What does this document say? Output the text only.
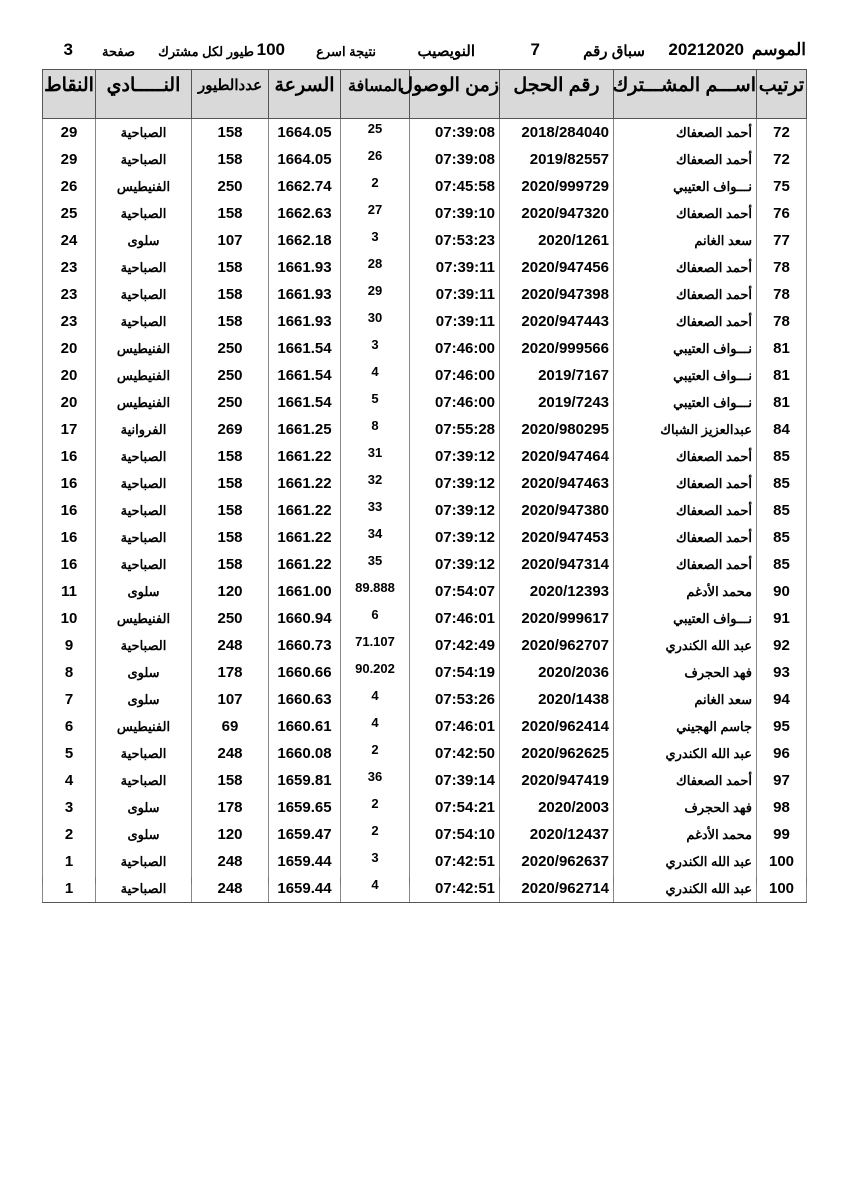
الموسم
20212020
سباق رقم
7
النويصيب
نتيجة اسرع
100
طيور لكل مشترك
صفحة
3
ترتيب	اســـم المشـــترك	رقم الحجل	زمن الوصول	المسافة	السرعة	عددالطيور	النـــــادي	النقاط
72	أحمد الصعفاك	2018/284040	07:39:08	25	1664.05	158	الصباحية	29
72	أحمد الصعفاك	2019/82557	07:39:08	26	1664.05	158	الصباحية	29
75	نـــواف العتيبي	2020/999729	07:45:58	2	1662.74	250	الفنيطيس	26
76	أحمد الصعفاك	2020/947320	07:39:10	27	1662.63	158	الصباحية	25
77	سعد الغانم	2020/1261	07:53:23	3	1662.18	107	سلوى	24
78	أحمد الصعفاك	2020/947456	07:39:11	28	1661.93	158	الصباحية	23
78	أحمد الصعفاك	2020/947398	07:39:11	29	1661.93	158	الصباحية	23
78	أحمد الصعفاك	2020/947443	07:39:11	30	1661.93	158	الصباحية	23
81	نـــواف العتيبي	2020/999566	07:46:00	3	1661.54	250	الفنيطيس	20
81	نـــواف العتيبي	2019/7167	07:46:00	4	1661.54	250	الفنيطيس	20
81	نـــواف العتيبي	2019/7243	07:46:00	5	1661.54	250	الفنيطيس	20
84	عبدالعزيز الشباك	2020/980295	07:55:28	8	1661.25	269	الفروانية	17
85	أحمد الصعفاك	2020/947464	07:39:12	31	1661.22	158	الصباحية	16
85	أحمد الصعفاك	2020/947463	07:39:12	32	1661.22	158	الصباحية	16
85	أحمد الصعفاك	2020/947380	07:39:12	33	1661.22	158	الصباحية	16
85	أحمد الصعفاك	2020/947453	07:39:12	34	1661.22	158	الصباحية	16
85	أحمد الصعفاك	2020/947314	07:39:12	35	1661.22	158	الصباحية	16
90	محمد الأدغم	2020/12393	07:54:07	89.888	1661.00	120	سلوى	11
91	نـــواف العتيبي	2020/999617	07:46:01	6	1660.94	250	الفنيطيس	10
92	عبد الله الكندري	2020/962707	07:42:49	71.107	1660.73	248	الصباحية	9
93	فهد الحجرف	2020/2036	07:54:19	90.202	1660.66	178	سلوى	8
94	سعد الغانم	2020/1438	07:53:26	4	1660.63	107	سلوى	7
95	جاسم الهجيني	2020/962414	07:46:01	4	1660.61	69	الفنيطيس	6
96	عبد الله الكندري	2020/962625	07:42:50	2	1660.08	248	الصباحية	5
97	أحمد الصعفاك	2020/947419	07:39:14	36	1659.81	158	الصباحية	4
98	فهد الحجرف	2020/2003	07:54:21	2	1659.65	178	سلوى	3
99	محمد الأدغم	2020/12437	07:54:10	2	1659.47	120	سلوى	2
100	عبد الله الكندري	2020/962637	07:42:51	3	1659.44	248	الصباحية	1
100	عبد الله الكندري	2020/962714	07:42:51	4	1659.44	248	الصباحية	1
